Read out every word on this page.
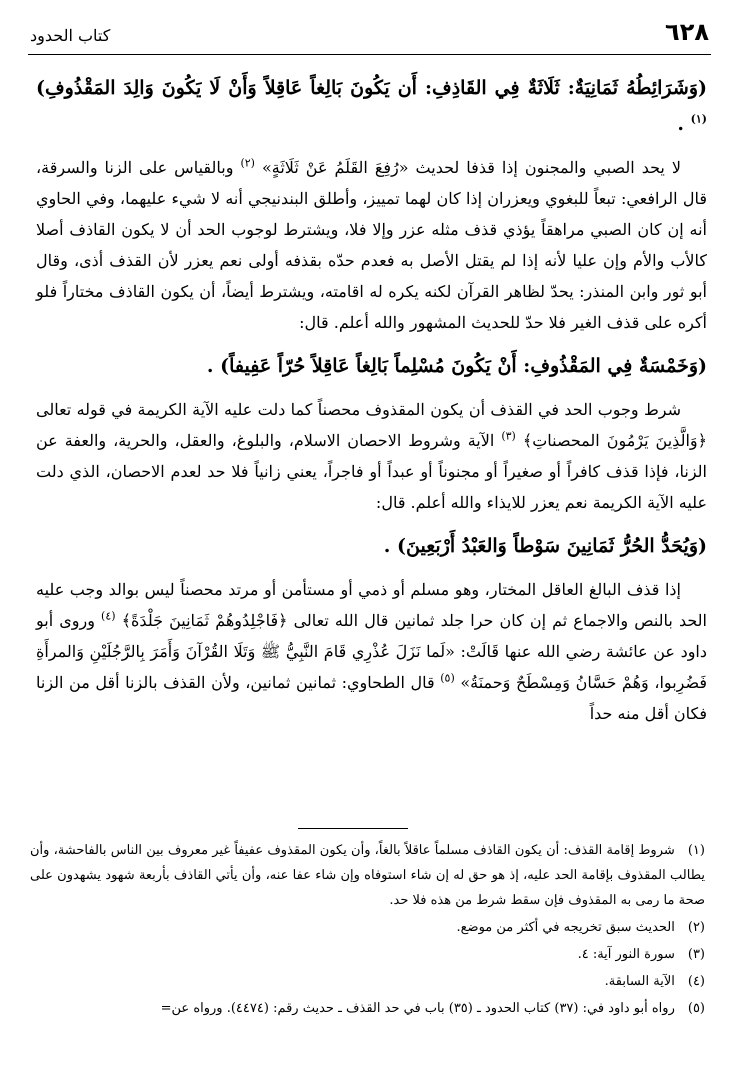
٦٢٨
كتاب الحدود

(وَشَرَائِطُهُ ثَمَانِيَةٌ: ثَلَاثَةٌ فِي القَاذِفِ: أَن يَكُونَ بَالِغاً عَاقِلاً وَأَنْ لَا يَكُونَ وَالِدَ المَقْذُوفِ) $^{(١)}$ .

لا يحد الصبي والمجنون إذا قذفا لحديث «رُفِعَ القَلَمُ عَنْ ثَلَاثَةٍ» $^{(٢)}$ وبالقياس على الزنا والسرقة، قال الرافعي: تبعاً للبغوي ويعزران إذا كان لهما تمييز، وأطلق البندنيجي أنه لا شيء عليهما، وفي الحاوي أنه إن كان الصبي مراهقاً يؤذي قذف مثله عزر وإلا فلا، ويشترط لوجوب الحد أن لا يكون القاذف أصلا كالأب والأم وإن عليا لأنه إذا لم يقتل الأصل به فعدم حدّه بقذفه أولى نعم يعزر لأن القذف أذى، وقال أبو ثور وابن المنذر: يحدّ لظاهر القرآن لكنه يكره له اقامته، ويشترط أيضاً، أن يكون القاذف مختاراً فلو أكره على قذف الغير فلا حدّ للحديث المشهور والله أعلم. قال:

(وَخَمْسَةٌ فِي المَقْذُوفِ: أَنْ يَكُونَ مُسْلِماً بَالِغاً عَاقِلاً حُرّاً عَفِيفاً) .

شرط وجوب الحد في القذف أن يكون المقذوف محصناً كما دلت عليه الآية الكريمة في قوله تعالى ﴿وَالَّذِينَ يَرْمُونَ المحصناتِ﴾ $^{(٣)}$ الآية وشروط الاحصان الاسلام، والبلوغ، والعقل، والحرية، والعفة عن الزنا، فإذا قذف كافراً أو صغيراً أو مجنوناً أو عبداً أو فاجراً، يعني زانياً فلا حد لعدم الاحصان، الذي دلت عليه الآية الكريمة نعم يعزر للايذاء والله أعلم. قال:

(وَيُحَدُّ الحُرُّ ثَمَانِينَ سَوْطاً وَالعَبْدُ أَرْبَعِينَ) .

إذا قذف البالغ العاقل المختار، وهو مسلم أو ذمي أو مستأمن أو مرتد محصناً ليس بوالد وجب عليه الحد بالنص والاجماع ثم إن كان حرا جلد ثمانين قال الله تعالى ﴿فَاجْلِدُوهُمْ ثَمَانِينَ جَلْدَةً﴾ $^{(٤)}$ وروى أبو داود عن عائشة رضي الله عنها قَالَتْ: «لَما نَزَلَ عُذْرِي قَامَ النَّبِيُّ ﷺ وَتَلَا القُرْآنَ وَأَمَرَ بِالرَّجُلَيْنِ وَالمرأَةِ فَضُرِبوا، وَهُمْ حَسَّانُ وَمِسْطَحٌ وَحمنَةُ» $^{(٥)}$ قال الطحاوي: ثمانين ثمانين، ولأن القذف بالزنا أقل من الزنا فكان أقل منه حداً

(١) شروط إقامة القذف: أن يكون القاذف مسلماً عاقلاً بالغاً، وأن يكون المقذوف عفيفاً غير معروف بين الناس بالفاحشة، وأن يطالب المقذوف بإقامة الحد عليه، إذ هو حق له إن شاء استوفاه وإن شاء عفا عنه، وأن يأتي القاذف بأربعة شهود يشهدون على صحة ما رمى به المقذوف فإن سقط شرط من هذه فلا حد.
(٢) الحديث سبق تخريجه في أكثر من موضع.
(٣) سورة النور آية: ٤.
(٤) الآية السابقة.
(٥) رواه أبو داود في: (٣٧) كتاب الحدود ـ (٣٥) باب في حد القذف ـ حديث رقم: (٤٤٧٤). ورواه عن=
